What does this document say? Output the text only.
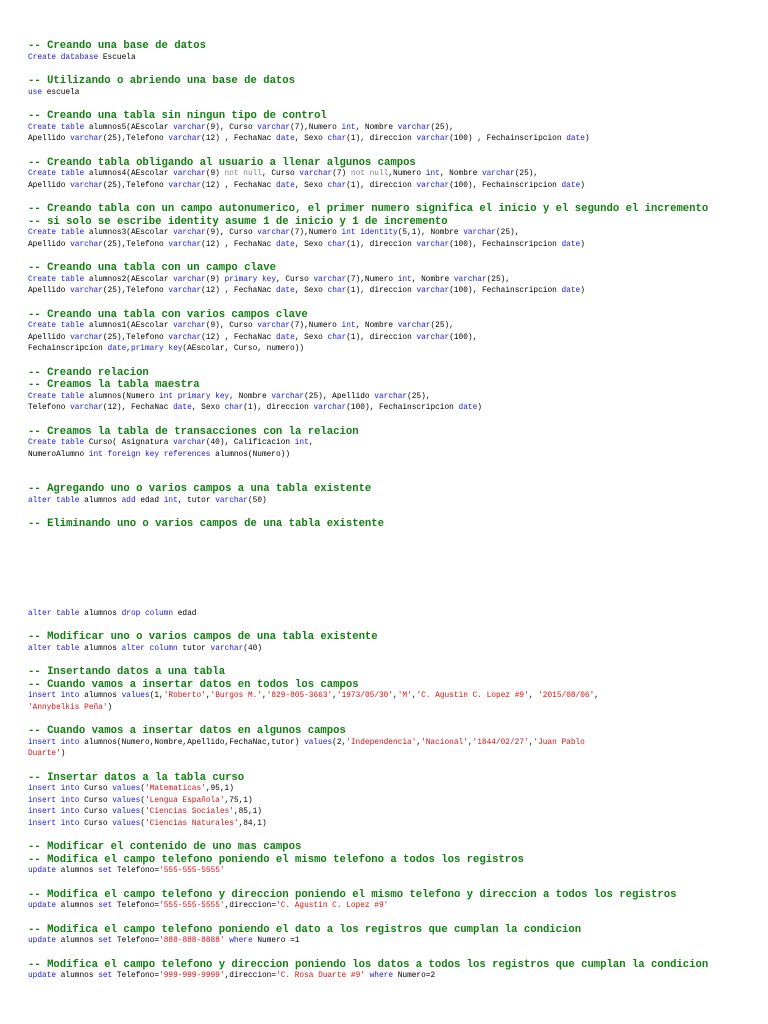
-- Creando una base de datos
Create database Escuela
-- Utilizando o abriendo una base de datos
use escuela
-- Creando una tabla sin ningun tipo de control
Create table alumnos5(AEscolar varchar(9), Curso varchar(7),Numero int, Nombre varchar(25),
Apellido varchar(25),Telefono varchar(12) , FechaNac date, Sexo char(1), direccion varchar(100) , Fechainscripcion date)
-- Creando tabla obligando al usuario a llenar algunos campos
Create table alumnos4(AEscolar varchar(9) not null, Curso varchar(7) not null,Numero int, Nombre varchar(25),
Apellido varchar(25),Telefono varchar(12) , FechaNac date, Sexo char(1), direccion varchar(100), Fechainscripcion date)
-- Creando tabla con un campo autonumerico, el primer numero significa el inicio y el segundo el incremento
-- si solo se escribe identity asume 1 de inicio y 1 de incremento
Create table alumnos3(AEscolar varchar(9), Curso varchar(7),Numero int identity(5,1), Nombre varchar(25),
Apellido varchar(25),Telefono varchar(12) , FechaNac date, Sexo char(1), direccion varchar(100), Fechainscripcion date)
-- Creando una tabla con un campo clave
Create table alumnos2(AEscolar varchar(9) primary key, Curso varchar(7),Numero int, Nombre varchar(25),
Apellido varchar(25),Telefono varchar(12) , FechaNac date, Sexo char(1), direccion varchar(100), Fechainscripcion date)
-- Creando una tabla con varios campos clave
Create table alumnos1(AEscolar varchar(9), Curso varchar(7),Numero int, Nombre varchar(25),
Apellido varchar(25),Telefono varchar(12) , FechaNac date, Sexo char(1), direccion varchar(100),
Fechainscripcion date,primary key(AEscolar, Curso, numero))
-- Creando relacion
-- Creamos la tabla maestra
Create table alumnos(Numero int primary key, Nombre varchar(25), Apellido varchar(25),
Telefono varchar(12), FechaNac date, Sexo char(1), direccion varchar(100), Fechainscripcion date)
-- Creamos la tabla de transacciones con la relacion
Create table Curso( Asignatura varchar(40), Calificacion int,
NumeroAlumno int foreign key references alumnos(Numero))
-- Agregando uno o varios campos a una tabla existente
alter table alumnos add edad int, tutor varchar(50)
-- Eliminando uno o varios campos de una tabla existente
alter table alumnos drop column edad
-- Modificar uno o varios campos de una tabla existente
alter table alumnos alter column tutor varchar(40)
-- Insertando datos a una tabla
-- Cuando vamos a insertar datos en todos los campos
insert into alumnos values(1,'Roberto','Burgos M.','829-805-3663','1973/05/30','M','C. Agustin C. Lopez #9', '2015/08/06',
'Annybelkis Peña')
-- Cuando vamos a insertar datos en algunos campos
insert into alumnos(Numero,Nombre,Apellido,FechaNac,tutor) values(2,'Independencia','Nacional','1844/02/27','Juan Pablo
Duarte')
-- Insertar datos a la tabla curso
insert into Curso values('Matematicas',95,1)
insert into Curso values('Lengua Española',75,1)
insert into Curso values('Ciencias Sociales',85,1)
insert into Curso values('Ciencias Naturales',84,1)
-- Modificar el contenido de uno mas campos
-- Modifica el campo telefono poniendo el mismo telefono a todos los registros
update alumnos set Telefono='555-555-5555'
-- Modifica el campo telefono y direccion poniendo el mismo telefono y direccion a todos los registros
update alumnos set Telefono='555-555-5555',direccion='C. Agustin C. Lopez #9'
-- Modifica el campo telefono poniendo el dato a los registros que cumplan la condicion
update alumnos set Telefono='888-888-8888' where Numero =1
-- Modifica el campo telefono y direccion poniendo los datos a todos los registros que cumplan la condicion
update alumnos set Telefono='999-999-9999',direccion='C. Rosa Duarte #9' where Numero=2
